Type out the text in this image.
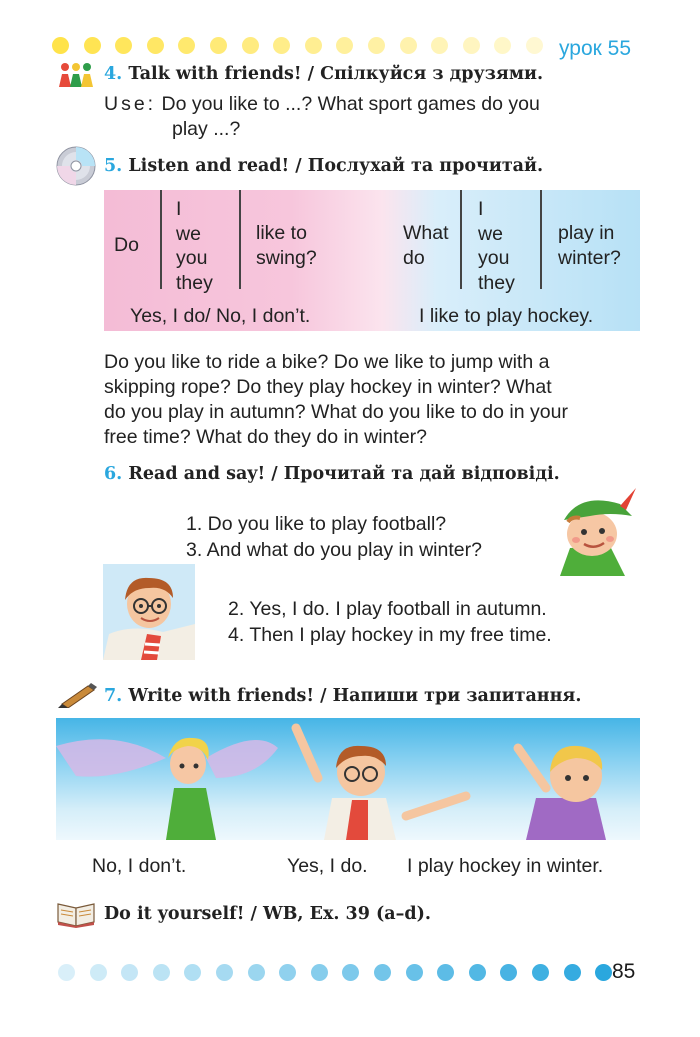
урок 55
4. Talk with friends! / Спілкуйся з друзями.
Use: Do you like to ...? What sport games do you
play ...?
5. Listen and read! / Послухай та прочитай.
Do
I
we
you
they
like to
swing?
What
do
I
we
you
they
play in
winter?
Yes, I do/ No, I don’t.	I like to play hockey.
Do you like to ride a bike? Do we like to jump with a
skipping rope? Do they play hockey in winter? What
do you play in autumn? What do you like to do in your
free time? What do they do in winter?
6. Read and say! / Прочитай та дай відповіді.
1. Do you like to play football?
3. And what do you play in winter?
2. Yes, I do. I play football in autumn.
4. Then I play hockey in my free time.
7. Write with friends! / Напиши три запитання.
No, I don’t.	Yes, I do. I play hockey in winter.
Do it yourself! / WB, Ex. 39 (a–d).
85
